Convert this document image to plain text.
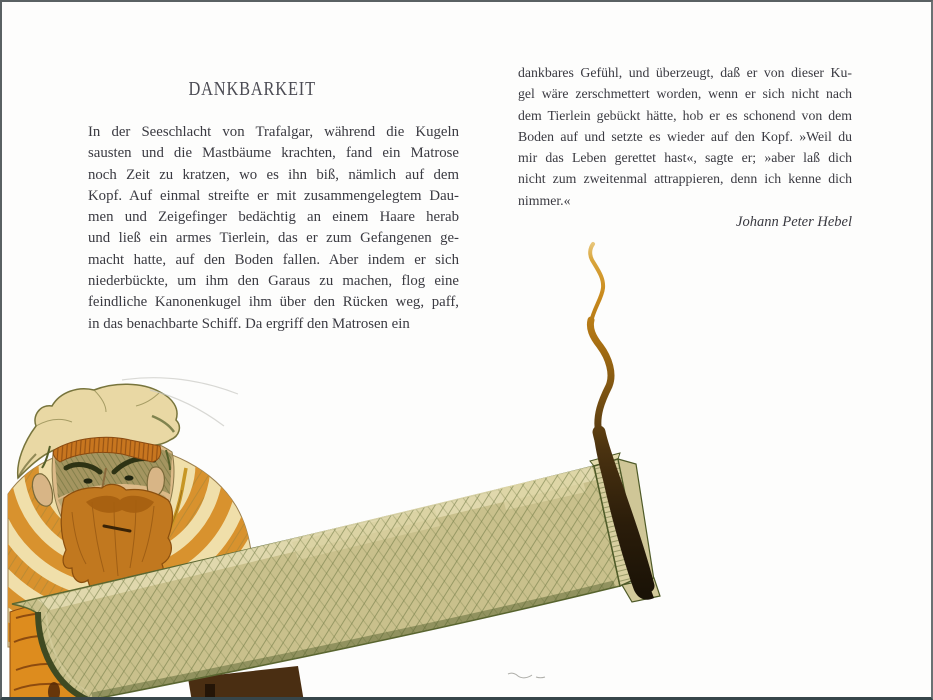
DANKBARKEIT
In der Seeschlacht von Trafalgar, während die Kugeln
sausten und die Mastbäume krachten, fand ein Matrose
noch Zeit zu kratzen, wo es ihn biß, nämlich auf dem
Kopf. Auf einmal streifte er mit zusammengelegtem Dau-
men und Zeigefinger bedächtig an einem Haare herab
und ließ ein armes Tierlein, das er zum Gefangenen ge-
macht hatte, auf den Boden fallen. Aber indem er sich
niederbückte, um ihm den Garaus zu machen, flog eine
feindliche Kanonenkugel ihm über den Rücken weg, paff,
in das benachbarte Schiff. Da ergriff den Matrosen ein
dankbares Gefühl, und überzeugt, daß er von dieser Ku-
gel wäre zerschmettert worden, wenn er sich nicht nach
dem Tierlein gebückt hätte, hob er es schonend von dem
Boden auf und setzte es wieder auf den Kopf. »Weil du
mir das Leben gerettet hast«, sagte er; »aber laß dich
nicht zum zweitenmal attrappieren, denn ich kenne dich
nimmer.«
Johann Peter Hebel
